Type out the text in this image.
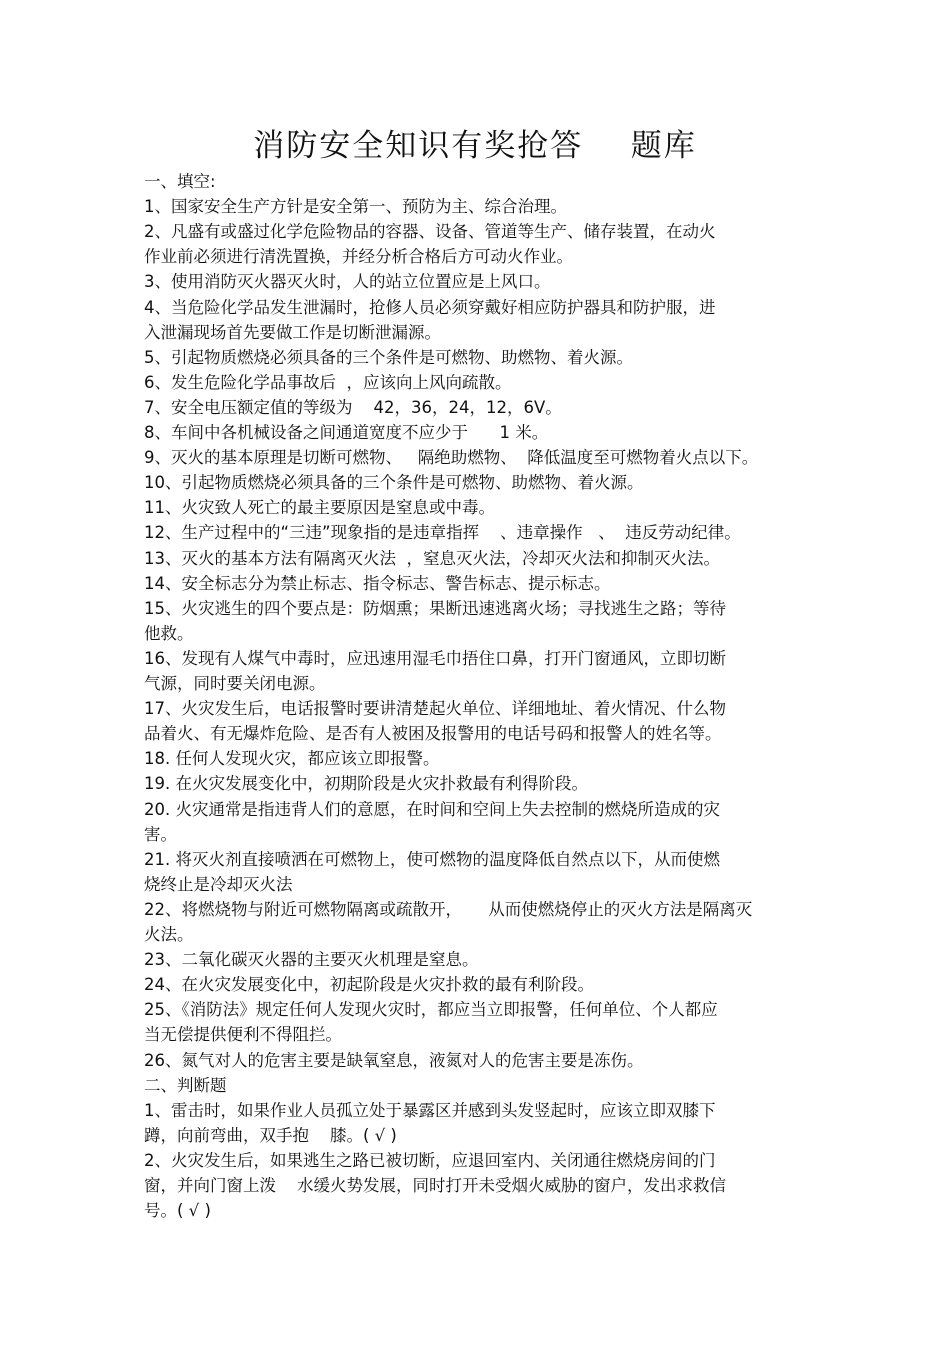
消防安全知识有奖抢答    题库
一、填空:
1、国家安全生产方针是安全第一、预防为主、综合治理。
2、凡盛有或盛过化学危险物品的容器、设备、管道等生产、储存装置，在动火
作业前必须进行清洗置换，并经分析合格后方可动火作业。
3、使用消防灭火器灭火时，人的站立位置应是上风口。
4、当危险化学品发生泄漏时，抢修人员必须穿戴好相应防护器具和防护服，进
入泄漏现场首先要做工作是切断泄漏源。
5、引起物质燃烧必须具备的三个条件是可燃物、助燃物、着火源。
6、发生危险化学品事故后  ，应该向上风向疏散。
7、安全电压额定值的等级为    42，36，24，12，6V。
8、车间中各机械设备之间通道宽度不应少于      1 米。
9、灭火的基本原理是切断可燃物、   隔绝助燃物、  降低温度至可燃物着火点以下。
10、引起物质燃烧必须具备的三个条件是可燃物、助燃物、着火源。
11、火灾致人死亡的最主要原因是窒息或中毒。
12、生产过程中的“三违”现象指的是违章指挥    、违章操作   、  违反劳动纪律。
13、灭火的基本方法有隔离灭火法  ，窒息灭火法，冷却灭火法和抑制灭火法。
14、安全标志分为禁止标志、指令标志、警告标志、提示标志。
15、火灾逃生的四个要点是：防烟熏；果断迅速逃离火场；寻找逃生之路；等待
他救。
16、发现有人煤气中毒时，应迅速用湿毛巾捂住口鼻，打开门窗通风，立即切断
气源，同时要关闭电源。
17、火灾发生后，电话报警时要讲清楚起火单位、详细地址、着火情况、什么物
品着火、有无爆炸危险、是否有人被困及报警用的电话号码和报警人的姓名等。
18. 任何人发现火灾，都应该立即报警。
19. 在火灾发展变化中，初期阶段是火灾扑救最有利得阶段。
20. 火灾通常是指违背人们的意愿，在时间和空间上失去控制的燃烧所造成的灾
害。
21. 将灭火剂直接喷洒在可燃物上，使可燃物的温度降低自然点以下，从而使燃
烧终止是冷却灭火法
22、将燃烧物与附近可燃物隔离或疏散开，     从而使燃烧停止的灭火方法是隔离灭
火法。
23、二氧化碳灭火器的主要灭火机理是窒息。
24、在火灾发展变化中，初起阶段是火灾扑救的最有利阶段。
25、《消防法》规定任何人发现火灾时，都应当立即报警，任何单位、个人都应
当无偿提供便利不得阻拦。
26、氮气对人的危害主要是缺氧窒息，液氮对人的危害主要是冻伤。
二、判断题
1、雷击时，如果作业人员孤立处于暴露区并感到头发竖起时，应该立即双膝下
蹲，向前弯曲，双手抱    膝。( √ )
2、火灾发生后，如果逃生之路已被切断，应退回室内、关闭通往燃烧房间的门
窗，并向门窗上泼    水缓火势发展，同时打开未受烟火威胁的窗户，发出求救信
号。( √ )
